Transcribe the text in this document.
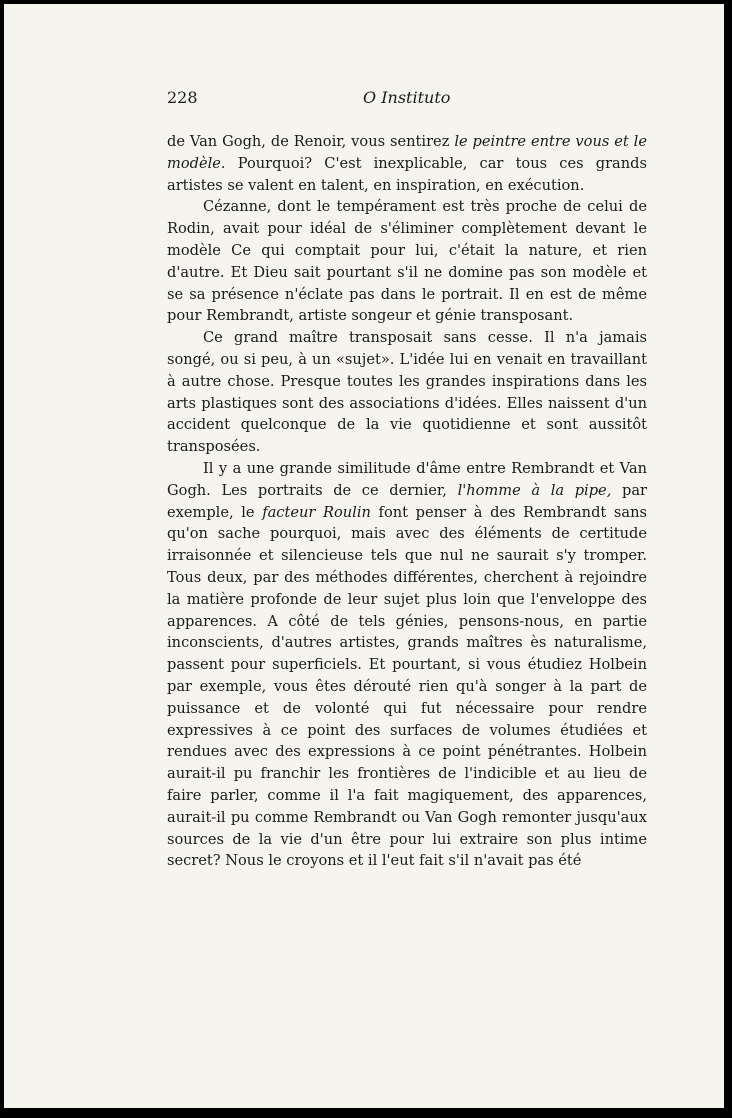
228	O Instituto

de Van Gogh, de Renoir, vous sentirez le peintre entre vous et le modèle. Pourquoi? C'est inexplicable, car tous ces grands artistes se valent en talent, en inspiration, en exécution.

Cézanne, dont le tempérament est très proche de celui de Rodin, avait pour idéal de s'éliminer complètement devant le modèle Ce qui comptait pour lui, c'était la nature, et rien d'autre. Et Dieu sait pourtant s'il ne domine pas son modèle et se sa présence n'éclate pas dans le portrait. Il en est de même pour Rembrandt, artiste songeur et génie transposant.

Ce grand maître transposait sans cesse. Il n'a jamais songé, ou si peu, à un «sujet». L'idée lui en venait en travaillant à autre chose. Presque toutes les grandes inspirations dans les arts plastiques sont des associations d'idées. Elles naissent d'un accident quelconque de la vie quotidienne et sont aussitôt transposées.

Il y a une grande similitude d'âme entre Rembrandt et Van Gogh. Les portraits de ce dernier, l'homme à la pipe, par exemple, le facteur Roulin font penser à des Rembrandt sans qu'on sache pourquoi, mais avec des éléments de certitude irraisonnée et silencieuse tels que nul ne saurait s'y tromper. Tous deux, par des méthodes différentes, cherchent à rejoindre la matière profonde de leur sujet plus loin que l'enveloppe des apparences. A côté de tels génies, pensons-nous, en partie inconscients, d'autres artistes, grands maîtres ès naturalisme, passent pour superficiels. Et pourtant, si vous étudiez Holbein par exemple, vous êtes dérouté rien qu'à songer à la part de puissance et de volonté qui fut nécessaire pour rendre expressives à ce point des surfaces de volumes étudiées et rendues avec des expressions à ce point pénétrantes. Holbein aurait-il pu franchir les frontières de l'indicible et au lieu de faire parler, comme il l'a fait magiquement, des apparences, aurait-il pu comme Rembrandt ou Van Gogh remonter jusqu'aux sources de la vie d'un être pour lui extraire son plus intime secret? Nous le croyons et il l'eut fait s'il n'avait pas été
